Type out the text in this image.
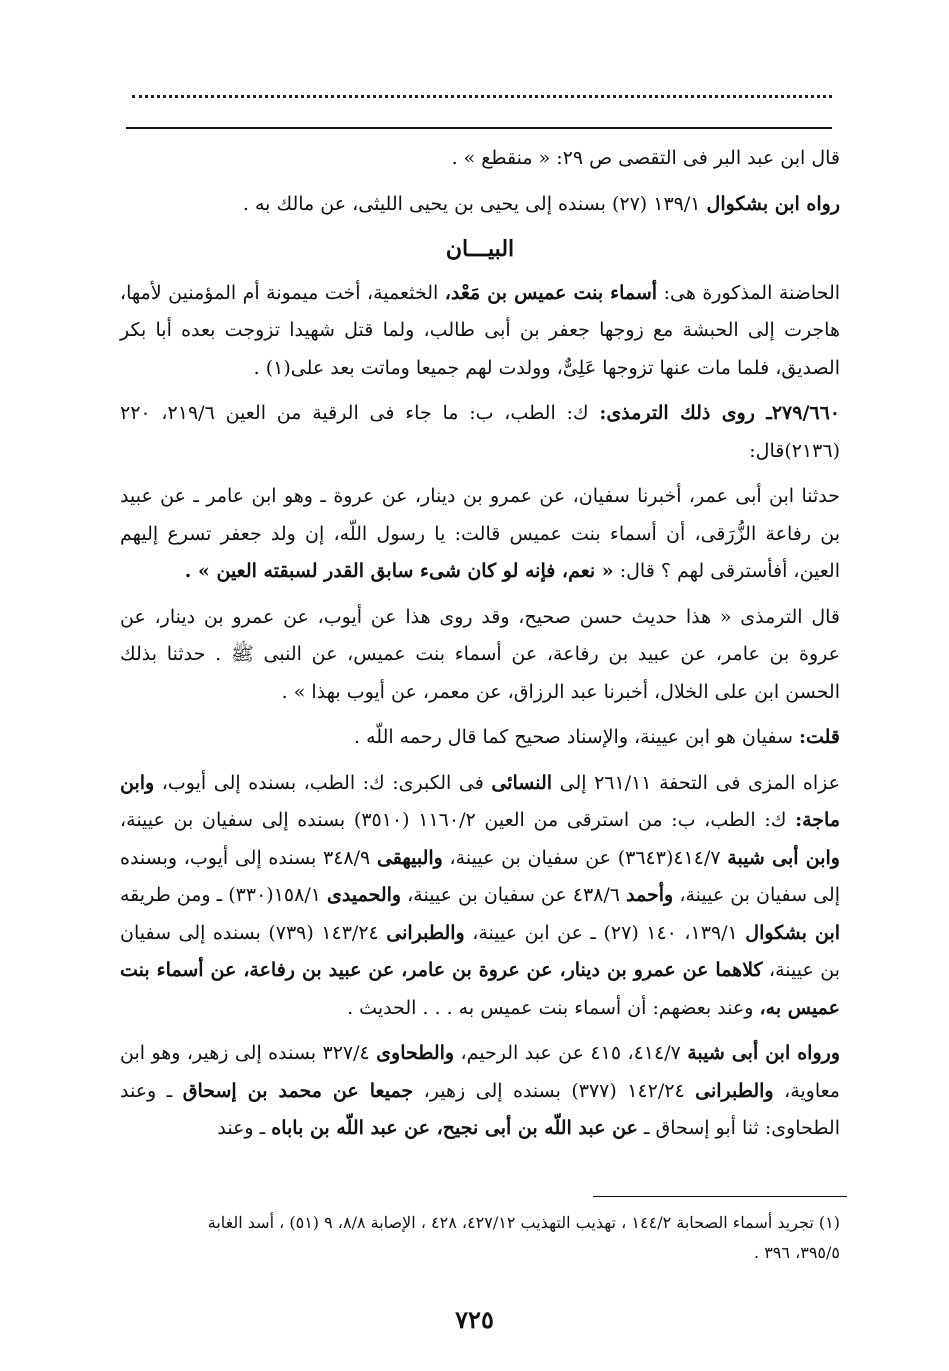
قال ابن عبد البر فى التقصى ص ٢٩: « منقطع » .

رواه ابن بشكوال ١٣٩/١ (٢٧) بسنده إلى يحيى بن يحيى الليثى، عن مالك به .

البيـــان

الحاضنة المذكورة هى: أسماء بنت عميس بن مَعْد، الخثعمية، أخت ميمونة أم المؤمنين لأمها، هاجرت إلى الحبشة مع زوجها جعفر بن أبى طالب، ولما قتل شهيدا تزوجت بعده أبا بكر الصديق، فلما مات عنها تزوجها عَلِىٌّ، وولدت لهم جميعا وماتت بعد على(١) .

٢٧٩/٦٦٠ـ روى ذلك الترمذى: ك: الطب، ب: ما جاء فى الرقية من العين ٢١٩/٦، ٢٢٠ (٢١٣٦)قال:

حدثنا ابن أبى عمر، أخبرنا سفيان، عن عمرو بن دينار، عن عروة ـ وهو ابن عامر ـ عن عبيد بن رفاعة الزُّرَقى، أن أسماء بنت عميس قالت: يا رسول اللّه، إن ولد جعفر تسرع إليهم العين، أفأسترقى لهم ؟ قال: « نعم، فإنه لو كان شىء سابق القدر لسبقته العين » .

قال الترمذى « هذا حديث حسن صحيح، وقد روى هذا عن أيوب، عن عمرو بن دينار، عن عروة بن عامر، عن عبيد بن رفاعة، عن أسماء بنت عميس، عن النبى ﷺ . حدثنا بذلك الحسن ابن على الخلال، أخبرنا عبد الرزاق، عن معمر، عن أيوب بهذا » .

قلت: سفيان هو ابن عيينة، والإسناد صحيح كما قال رحمه اللّه .

عزاه المزى فى التحفة ٢٦١/١١ إلى النسائى فى الكبرى: ك: الطب، بسنده إلى أيوب، وابن ماجة: ك: الطب، ب: من استرقى من العين ١١٦٠/٢ (٣٥١٠) بسنده إلى سفيان بن عيينة، وابن أبى شيبة ٤١٤/٧(٣٦٤٣) عن سفيان بن عيينة، والبيهقى ٣٤٨/٩ بسنده إلى أيوب، وبسنده إلى سفيان بن عيينة، وأحمد ٤٣٨/٦ عن سفيان بن عيينة، والحميدى ١٥٨/١(٣٣٠) ـ ومن طريقه ابن بشكوال ١٣٩/١، ١٤٠ (٢٧) ـ عن ابن عيينة، والطبرانى ١٤٣/٢٤ (٧٣٩) بسنده إلى سفيان بن عيينة، كلاهما عن عمرو بن دينار، عن عروة بن عامر، عن عبيد بن رفاعة، عن أسماء بنت عميس به، وعند بعضهم: أن أسماء بنت عميس به . . . الحديث .

ورواه ابن أبى شيبة ٤١٤/٧، ٤١٥ عن عبد الرحيم، والطحاوى ٣٢٧/٤ بسنده إلى زهير، وهو ابن معاوية، والطبرانى ١٤٢/٢٤ (٣٧٧) بسنده إلى زهير، جميعا عن محمد بن إسحاق ـ وعند الطحاوى: ثنا أبو إسحاق ـ عن عبد اللّه بن أبى نجيح، عن عبد اللّه بن باباه ـ وعند

(١) تجريد أسماء الصحابة ١٤٤/٢ ، تهذيب التهذيب ٤٢٧/١٢، ٤٢٨ ، الإصابة ٨/٨، ٩ (٥١) ، أسد الغابة

٣٩٥/٥، ٣٩٦ .

٧٢٥
